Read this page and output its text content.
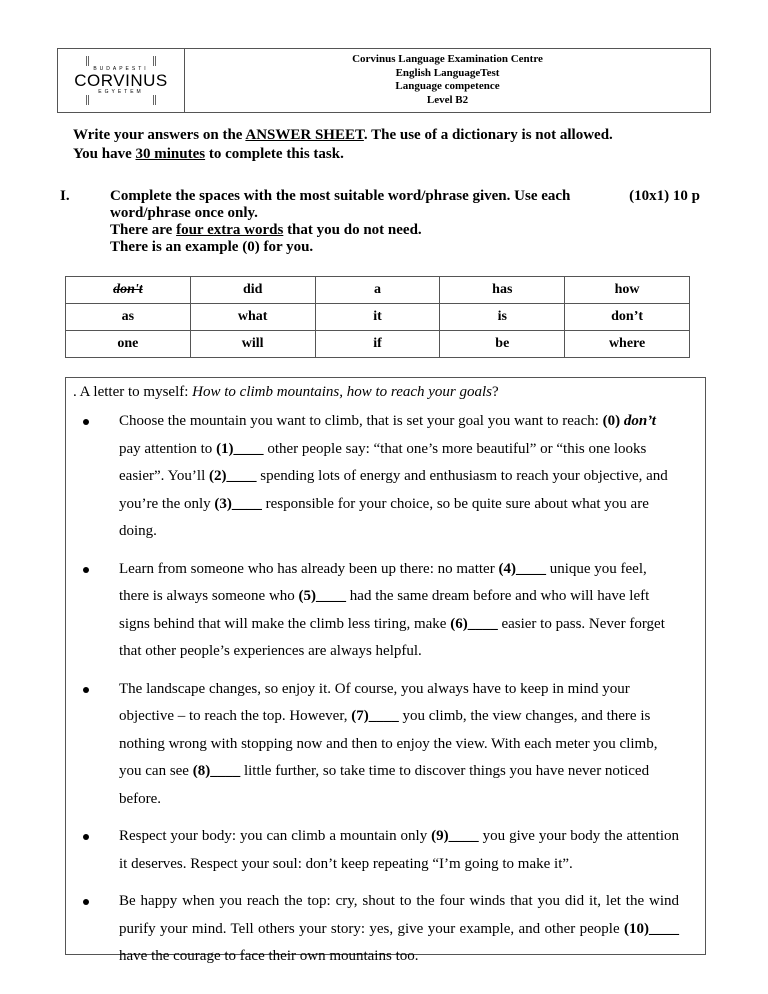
BUDAPESTI
CORVINUS
EGYETEM
Corvinus Language Examination Centre
English LanguageTest
Language competence
Level B2
Write your answers on the ANSWER SHEET. The use of a dictionary is not allowed.
You have 30 minutes to complete this task.
I.	Complete the spaces with the most suitable word/phrase given. Use each word/phrase once only.
There are four extra words that you do not need.
There is an example (0) for you.
(10x1) 10 p
don't	did	a	has	how
as	what	it	is	don’t
one	will	if	be	where
. A letter to myself: How to climb mountains, how to reach your goals?
Choose the mountain you want to climb, that is set your goal you want to reach: (0) don’t pay attention to (1)____ other people say: “that one’s more beautiful” or “this one looks easier”. You’ll (2)____ spending lots of energy and enthusiasm to reach your objective, and you’re the only (3)____ responsible for your choice, so be quite sure about what you are doing.
Learn from someone who has already been up there: no matter (4)____ unique you feel, there is always someone who (5)____ had the same dream before and who will have left signs behind that will make the climb less tiring, make (6)____ easier to pass. Never forget that other people’s experiences are always helpful.
The landscape changes, so enjoy it. Of course, you always have to keep in mind your objective – to reach the top. However, (7)____ you climb, the view changes, and there is nothing wrong with stopping now and then to enjoy the view. With each meter you climb, you can see (8)____ little further, so take time to discover things you have never noticed before.
Respect your body: you can climb a mountain only (9)____ you give your body the attention it deserves. Respect your soul: don’t keep repeating “I’m going to make it”.
Be happy when you reach the top: cry, shout to the four winds that you did it, let the wind purify your mind. Tell others your story: yes, give your example, and other people (10)____ have the courage to face their own mountains too.
